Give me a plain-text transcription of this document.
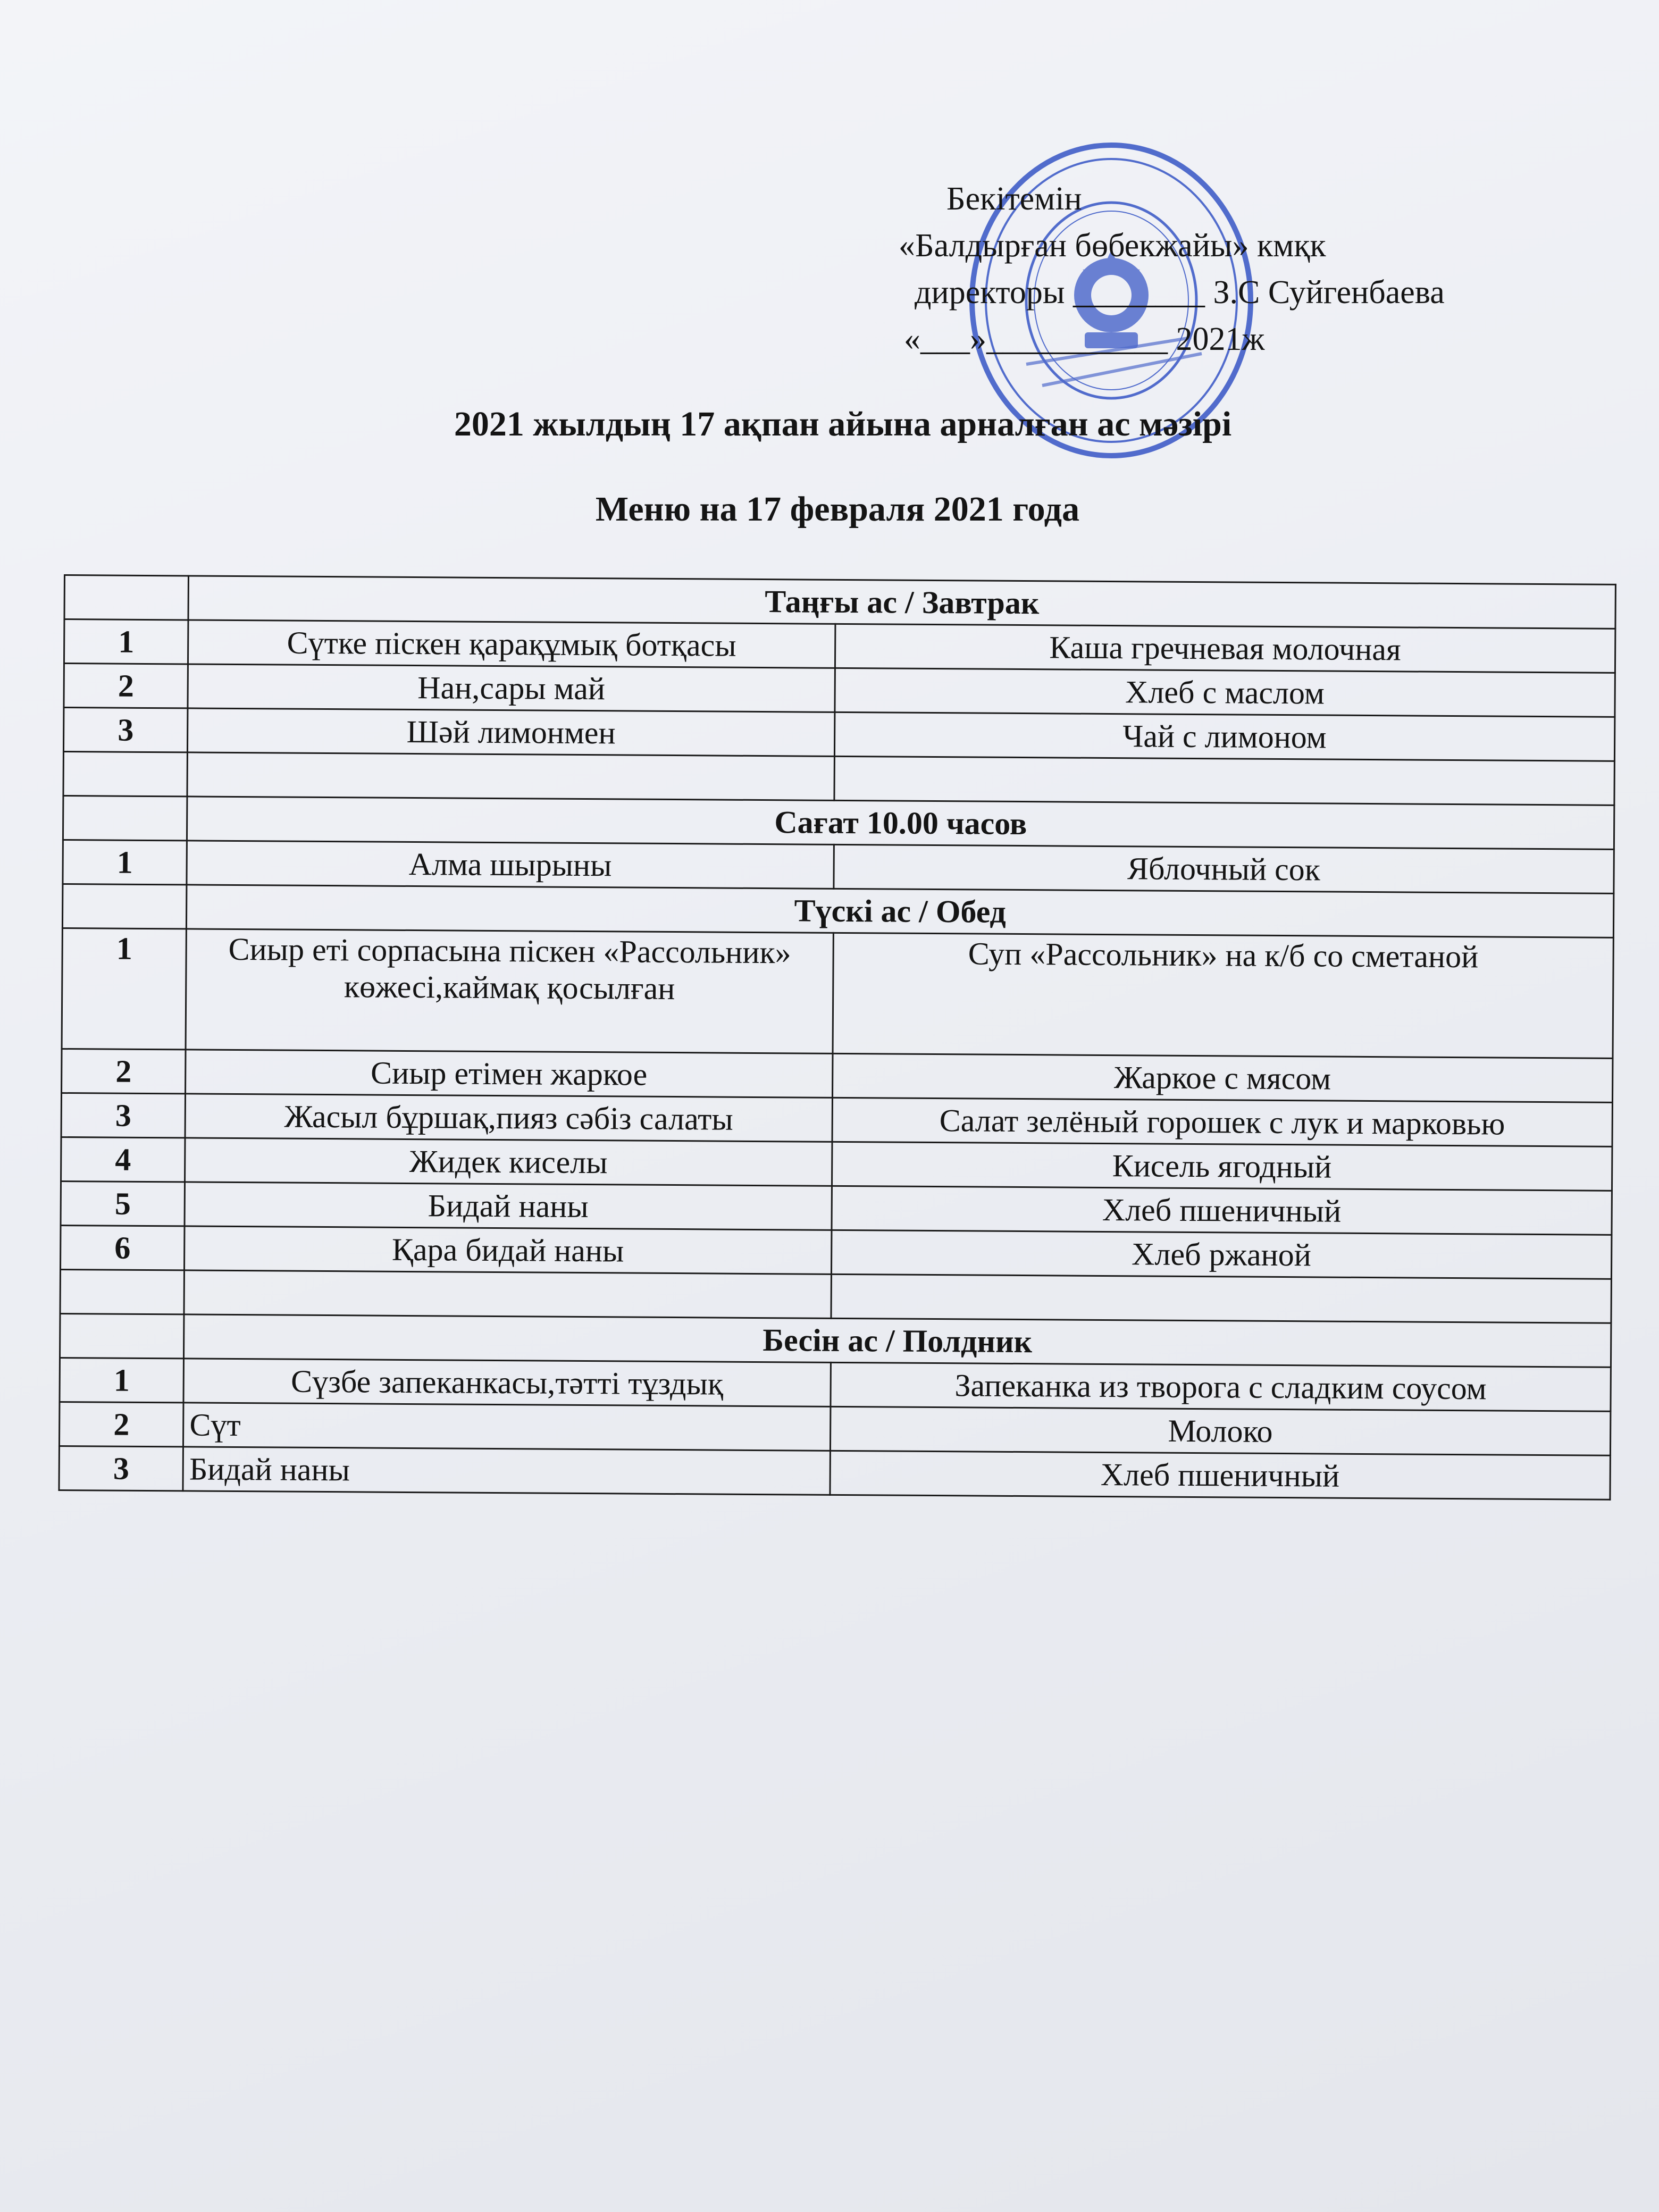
Бекітемін
«Балдырған бөбекжайы» кмқк
директоры ________ З.С Суйгенбаева
«___»___________ 2021ж
2021 жылдың 17 ақпан айына арналған ас мәзірі
Меню на 17 февраля 2021 года
	Таңғы ас / Завтрак	
1	Сүтке піскен қарақұмық ботқасы	Каша гречневая молочная
2	Нан,сары май	Хлеб с маслом
3	Шәй лимонмен	Чай с лимоном

	Сағат 10.00 часов	
1	Алма шырыны	Яблочный сок
	Түскі ас / Обед	
1	Сиыр еті сорпасына піскен «Рассольник» көжесі,каймақ қосылған	Суп «Рассольник» на к/б со сметаной
2	Сиыр етімен жаркое	Жаркое с мясом
3	Жасыл бұршақ,пияз сәбіз салаты	Салат зелёный горошек с лук и марковью
4	Жидек киселы	Кисель ягодный
5	Бидай наны	Хлеб пшеничный
6	Қара бидай наны	Хлеб ржаной

	Бесін ас / Полдник	
1	Сүзбе запеканкасы,тәтті тұздық	Запеканка из творога с сладким соусом
2	Сүт	Молоко
3	Бидай наны	Хлеб пшеничный
